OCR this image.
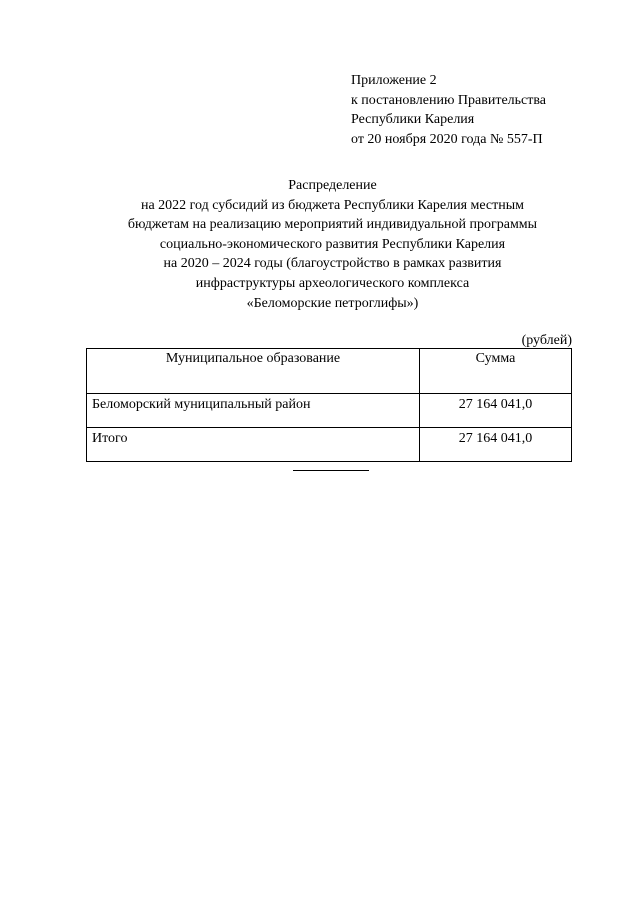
Приложение 2
к постановлению Правительства
Республики Карелия
от 20 ноября 2020 года № 557-П
Распределение
на 2022 год субсидий из бюджета Республики Карелия местным
бюджетам на реализацию мероприятий индивидуальной программы
социально-экономического развития Республики Карелия
на 2020 – 2024 годы (благоустройство в рамках развития
инфраструктуры археологического комплекса
«Беломорские петроглифы»)
(рублей)
Муниципальное образование	Сумма
Беломорский муниципальный район	27 164 041,0
Итого	27 164 041,0
